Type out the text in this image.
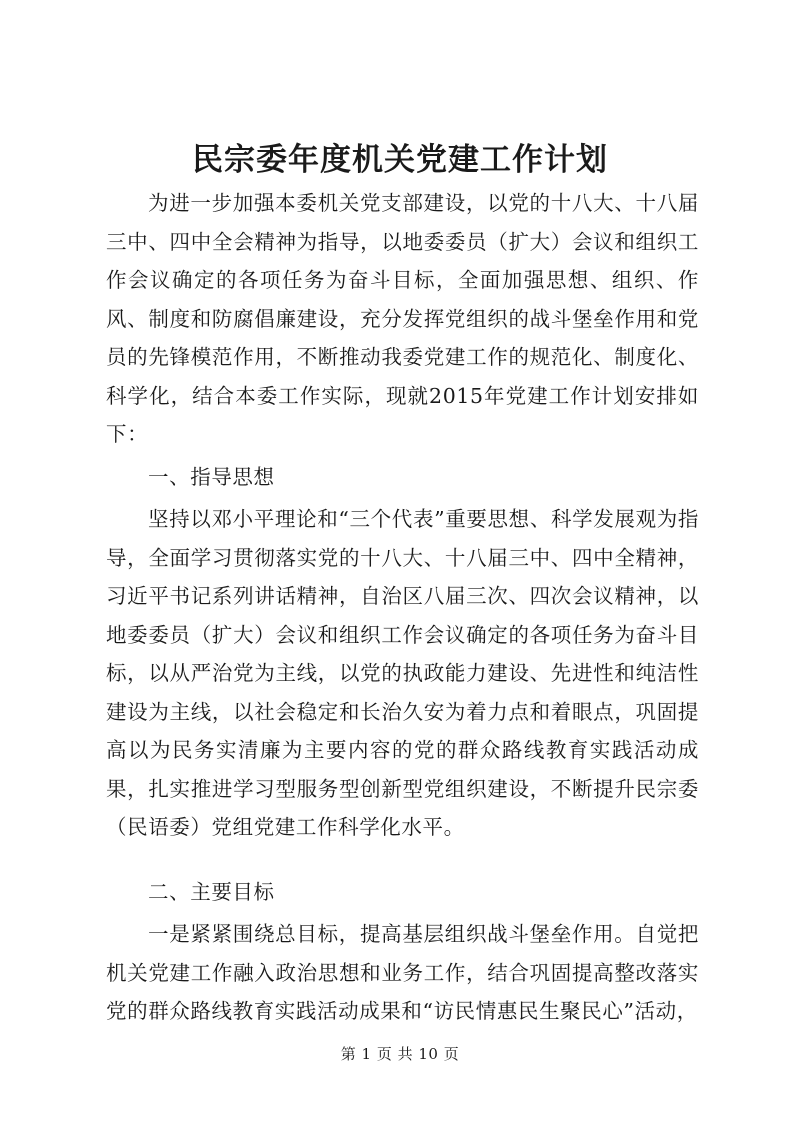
民宗委年度机关党建工作计划

为进一步加强本委机关党支部建设，以党的十八大、十八届三中、四中全会精神为指导，以地委委员（扩大）会议和组织工作会议确定的各项任务为奋斗目标，全面加强思想、组织、作风、制度和防腐倡廉建设，充分发挥党组织的战斗堡垒作用和党员的先锋模范作用，不断推动我委党建工作的规范化、制度化、科学化，结合本委工作实际，现就2015年党建工作计划安排如下：

一、指导思想

坚持以邓小平理论和“三个代表”重要思想、科学发展观为指导，全面学习贯彻落实党的十八大、十八届三中、四中全精神，习近平书记系列讲话精神，自治区八届三次、四次会议精神，以地委委员（扩大）会议和组织工作会议确定的各项任务为奋斗目标，以从严治党为主线，以党的执政能力建设、先进性和纯洁性建设为主线，以社会稳定和长治久安为着力点和着眼点，巩固提高以为民务实清廉为主要内容的党的群众路线教育实践活动成果，扎实推进学习型服务型创新型党组织建设，不断提升民宗委（民语委）党组党建工作科学化水平。

二、主要目标

一是紧紧围绕总目标，提高基层组织战斗堡垒作用。自觉把机关党建工作融入政治思想和业务工作，结合巩固提高整改落实党的群众路线教育实践活动成果和“访民情惠民生聚民心”活动，

第 1 页 共 10 页
